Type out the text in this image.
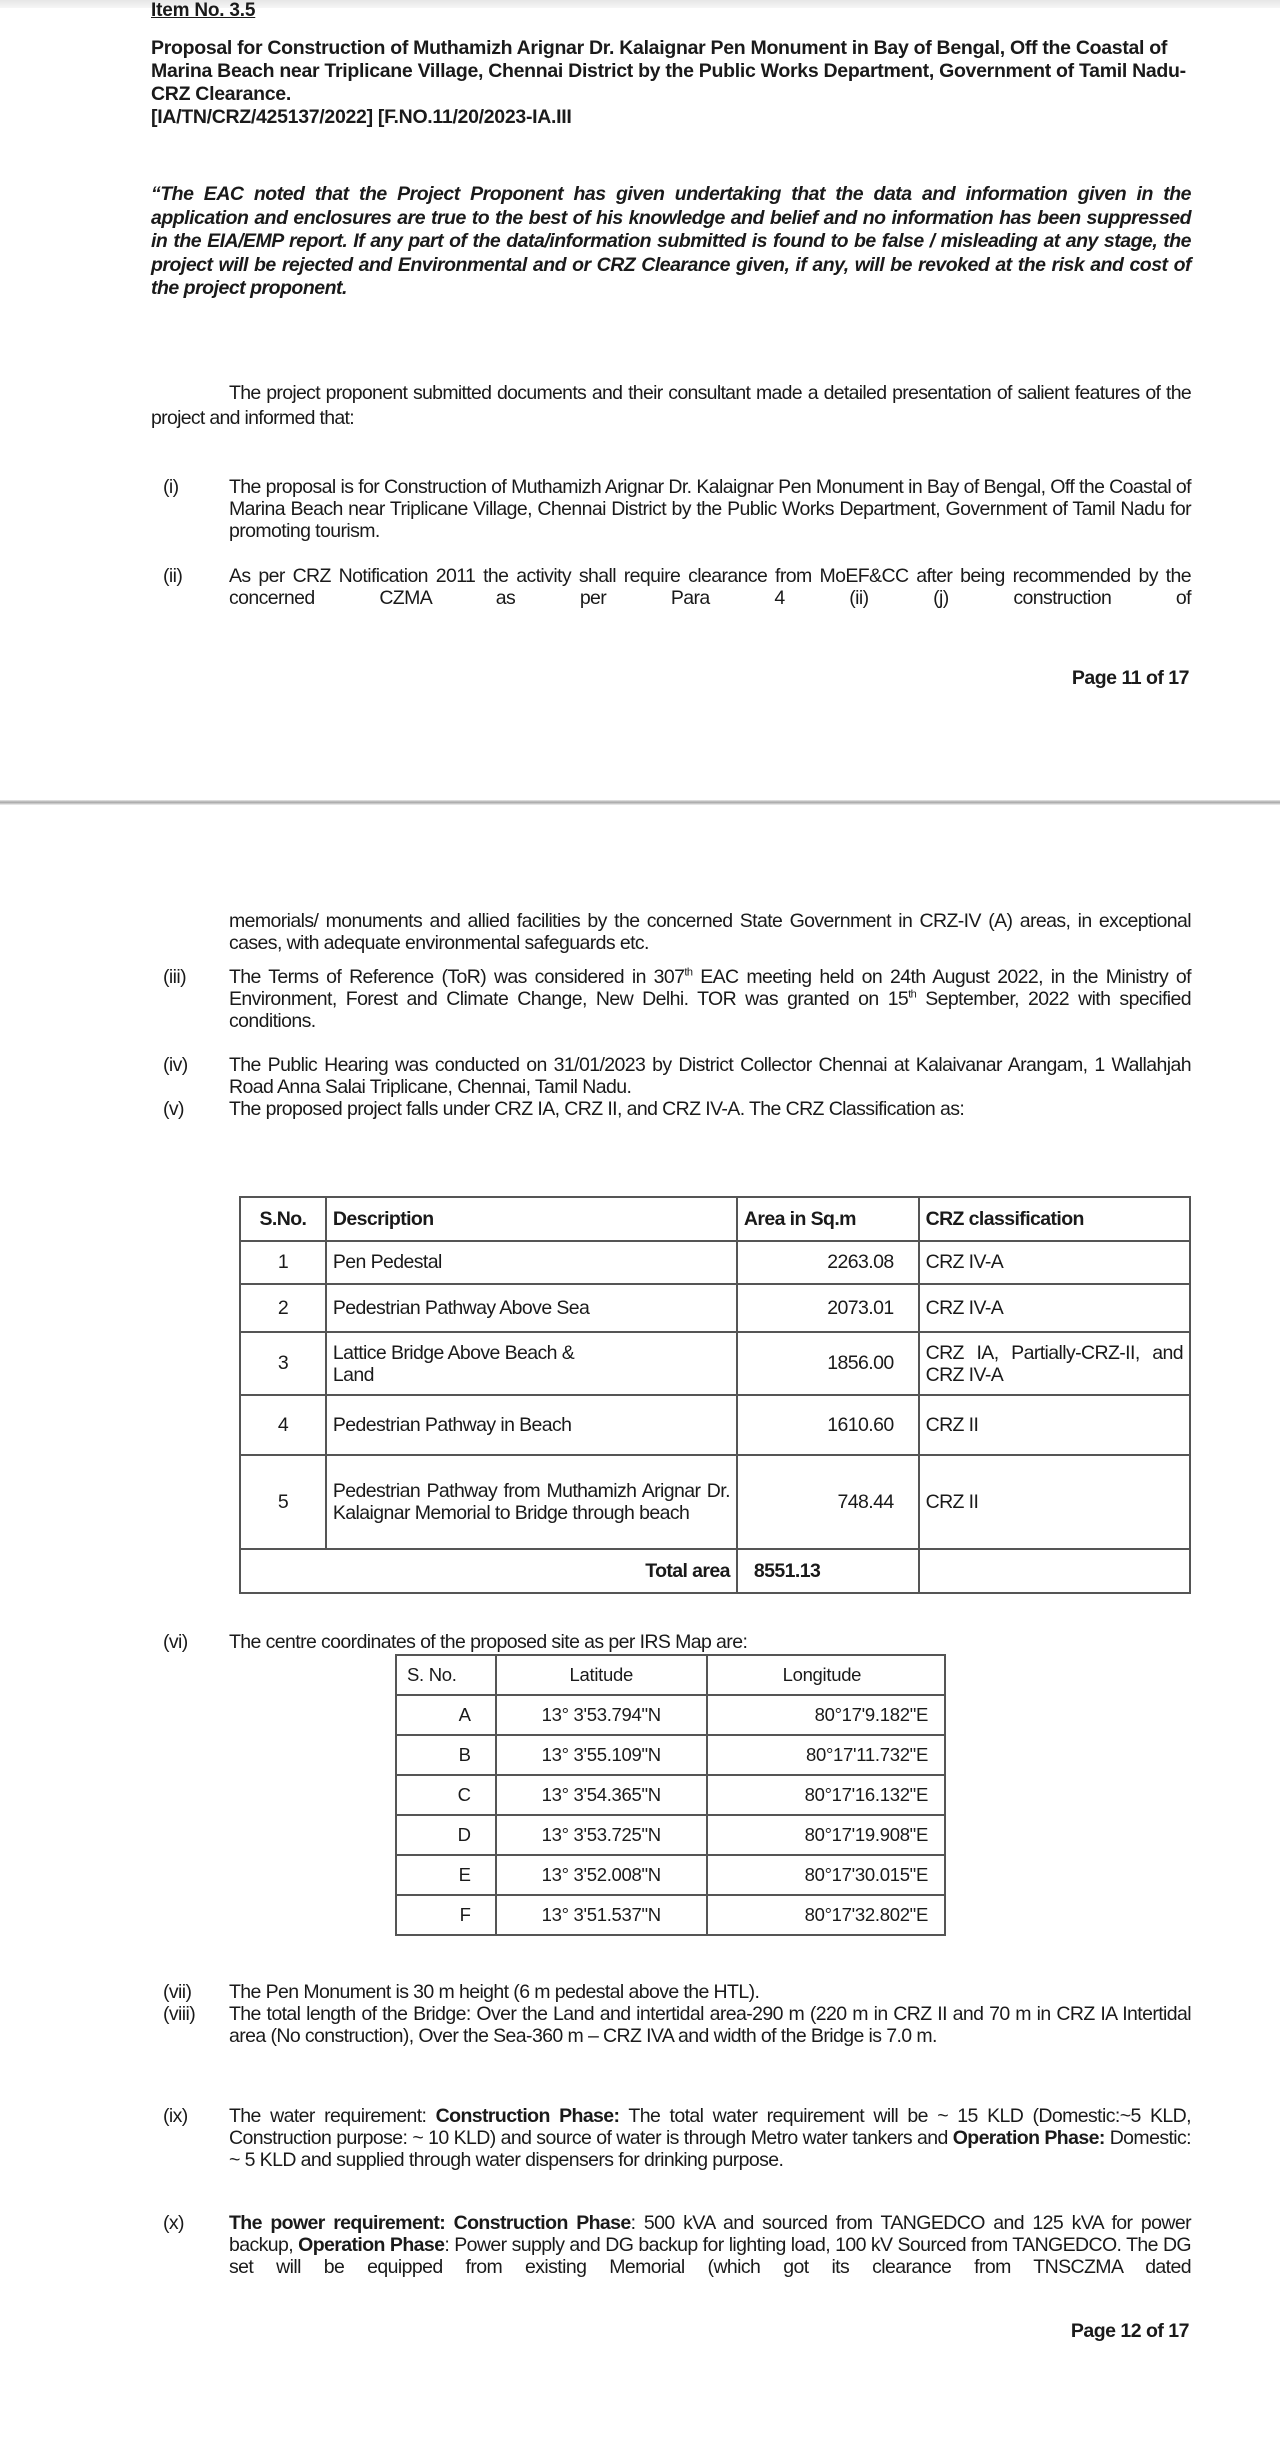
Item No. 3.5
Proposal for Construction of Muthamizh Arignar Dr. Kalaignar Pen Monument in Bay of Bengal, Off the Coastal of Marina Beach near Triplicane Village, Chennai District by the Public Works Department, Government of Tamil Nadu-CRZ Clearance.
[IA/TN/CRZ/425137/2022] [F.NO.11/20/2023-IA.III
“The EAC noted that the Project Proponent has given undertaking that the data and information given in the application and enclosures are true to the best of his knowledge and belief and no information has been suppressed in the EIA/EMP report. If any part of the data/information submitted is found to be false / misleading at any stage, the project will be rejected and Environmental and or CRZ Clearance given, if any, will be revoked at the risk and cost of the project proponent.
The project proponent submitted documents and their consultant made a detailed presentation of salient features of the project and informed that:
(i)	The proposal is for Construction of Muthamizh Arignar Dr. Kalaignar Pen Monument in Bay of Bengal, Off the Coastal of Marina Beach near Triplicane Village, Chennai District by the Public Works Department, Government of Tamil Nadu for promoting tourism.
(ii)	As per CRZ Notification 2011 the activity shall require clearance from MoEF&CC after being recommended by the concerned CZMA as per Para 4 (ii) (j) construction of
Page 11 of 17
memorials/ monuments and allied facilities by the concerned State Government in CRZ-IV (A) areas, in exceptional cases, with adequate environmental safeguards etc.
(iii)	The Terms of Reference (ToR) was considered in 307th EAC meeting held on 24th August 2022, in the Ministry of Environment, Forest and Climate Change, New Delhi. TOR was granted on 15th September, 2022 with specified conditions.
(iv)	The Public Hearing was conducted on 31/01/2023 by District Collector Chennai at Kalaivanar Arangam, 1 Wallahjah Road Anna Salai Triplicane, Chennai, Tamil Nadu.
(v)	The proposed project falls under CRZ IA, CRZ II, and CRZ IV-A. The CRZ Classification as:
S.No.	Description	Area in Sq.m	CRZ classification
1	Pen Pedestal	2263.08	CRZ IV-A
2	Pedestrian Pathway Above Sea	2073.01	CRZ IV-A
3	Lattice Bridge Above Beach & Land	1856.00	CRZ IA, Partially-CRZ-II, and CRZ IV-A
4	Pedestrian Pathway in Beach	1610.60	CRZ II
5	Pedestrian Pathway from Muthamizh Arignar Dr. Kalaignar Memorial to Bridge through beach	748.44	CRZ II
Total area		8551.13	
(vi)	The centre coordinates of the proposed site as per IRS Map are:
S. No.	Latitude	Longitude
A	13° 3'53.794"N	80°17'9.182"E
B	13° 3'55.109"N	80°17'11.732"E
C	13° 3'54.365"N	80°17'16.132"E
D	13° 3'53.725"N	80°17'19.908"E
E	13° 3'52.008"N	80°17'30.015"E
F	13° 3'51.537"N	80°17'32.802"E
(vii)	The Pen Monument is 30 m height (6 m pedestal above the HTL).
(viii)	The total length of the Bridge: Over the Land and intertidal area-290 m (220 m in CRZ II and 70 m in CRZ IA Intertidal area (No construction), Over the Sea-360 m – CRZ IVA and width of the Bridge is 7.0 m.
(ix)	The water requirement: Construction Phase: The total water requirement will be ~ 15 KLD (Domestic:~5 KLD, Construction purpose: ~ 10 KLD) and source of water is through Metro water tankers and Operation Phase: Domestic: ~ 5 KLD and supplied through water dispensers for drinking purpose.
(x)	The power requirement: Construction Phase: 500 kVA and sourced from TANGEDCO and 125 kVA for power backup, Operation Phase: Power supply and DG backup for lighting load, 100 kV Sourced from TANGEDCO. The DG set will be equipped from existing Memorial (which got its clearance from TNSCZMA dated
Page 12 of 17
